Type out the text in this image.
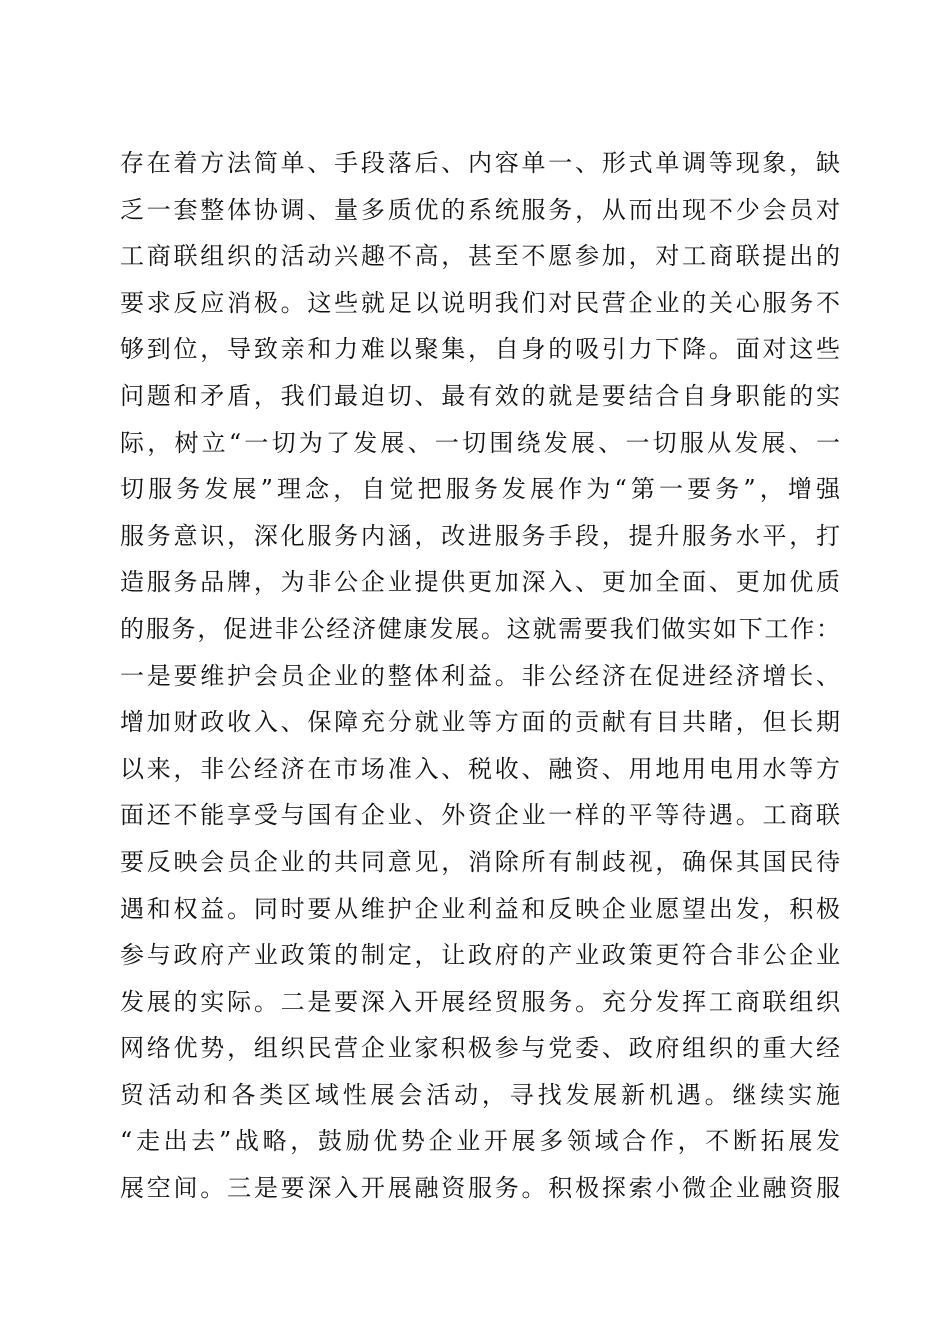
存在着方法简单、手段落后、内容单一、形式单调等现象，缺
乏一套整体协调、量多质优的系统服务，从而出现不少会员对
工商联组织的活动兴趣不高，甚至不愿参加，对工商联提出的
要求反应消极。这些就足以说明我们对民营企业的关心服务不
够到位，导致亲和力难以聚集，自身的吸引力下降。面对这些
问题和矛盾，我们最迫切、最有效的就是要结合自身职能的实
际，树立“一切为了发展、一切围绕发展、一切服从发展、一
切服务发展”理念，自觉把服务发展作为“第一要务”，增强
服务意识，深化服务内涵，改进服务手段，提升服务水平，打
造服务品牌，为非公企业提供更加深入、更加全面、更加优质
的服务，促进非公经济健康发展。这就需要我们做实如下工作：
一是要维护会员企业的整体利益。非公经济在促进经济增长、
增加财政收入、保障充分就业等方面的贡献有目共睹，但长期
以来，非公经济在市场准入、税收、融资、用地用电用水等方
面还不能享受与国有企业、外资企业一样的平等待遇。工商联
要反映会员企业的共同意见，消除所有制歧视，确保其国民待
遇和权益。同时要从维护企业利益和反映企业愿望出发，积极
参与政府产业政策的制定，让政府的产业政策更符合非公企业
发展的实际。二是要深入开展经贸服务。充分发挥工商联组织
网络优势，组织民营企业家积极参与党委、政府组织的重大经
贸活动和各类区域性展会活动，寻找发展新机遇。继续实施
“走出去”战略，鼓励优势企业开展多领域合作，不断拓展发
展空间。三是要深入开展融资服务。积极探索小微企业融资服
